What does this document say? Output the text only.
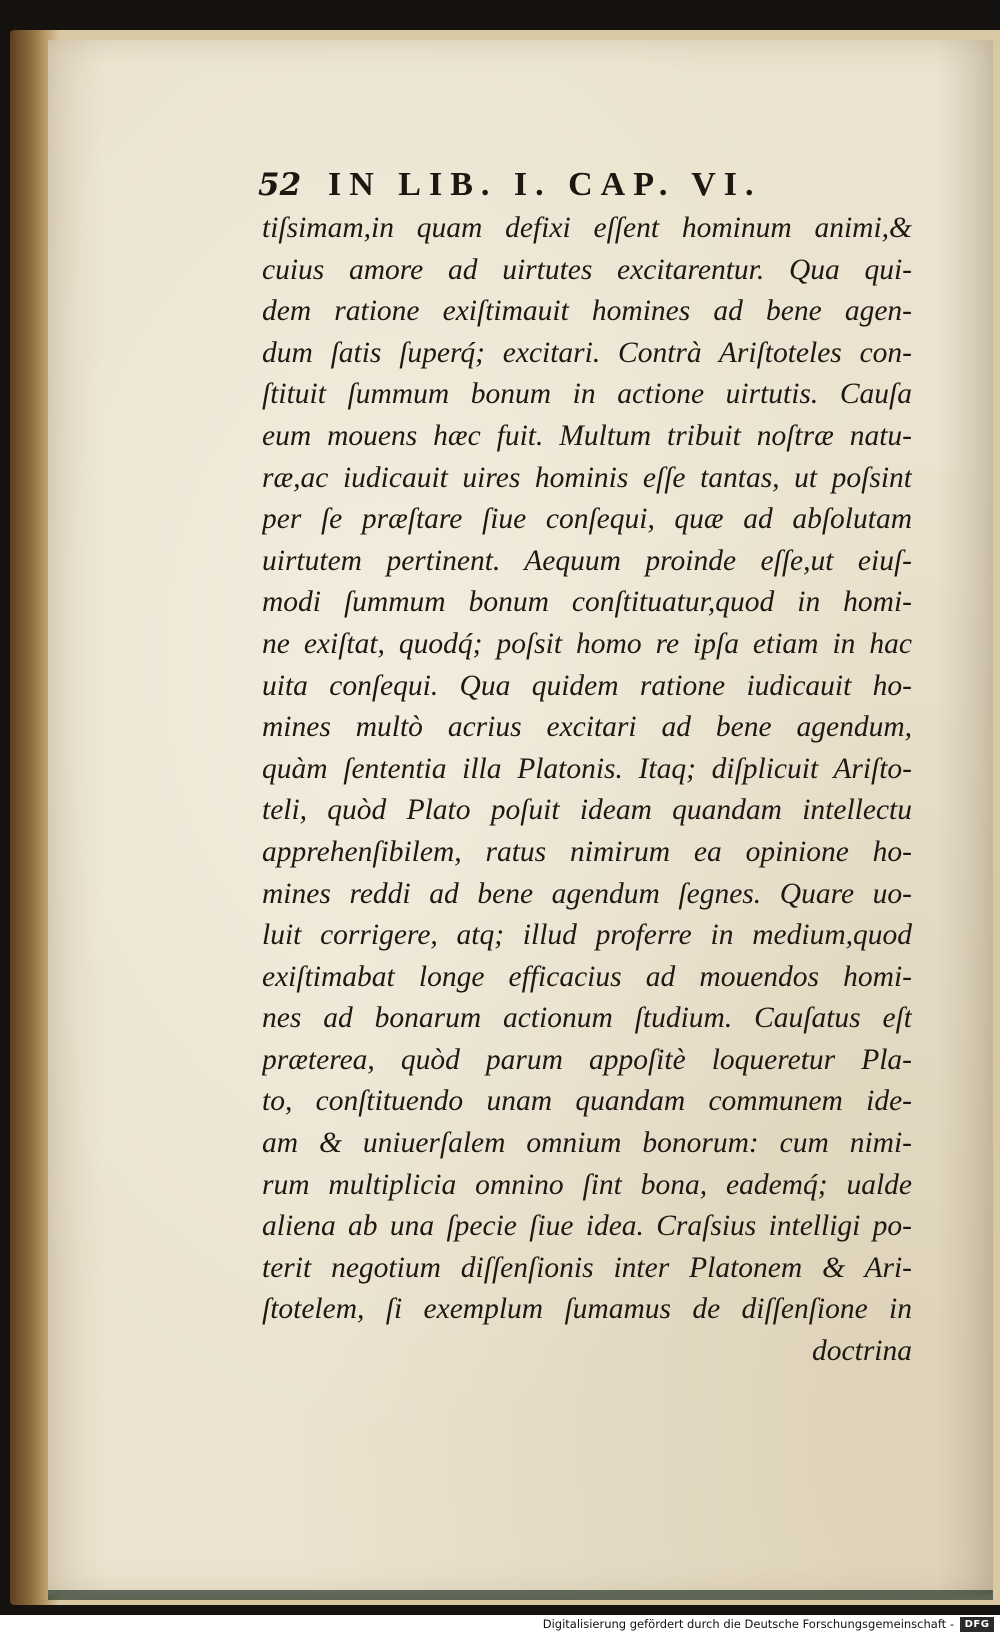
52 IN LIB. I. CAP. VI.
tiſsimam,in quam defixi eſſent hominum animi,&
cuius amore ad uirtutes excitarentur. Qua qui-
dem ratione exiſtimauit homines ad bene agen-
dum ſatis ſuperq́; excitari. Contrà Ariſtoteles con-
ſtituit ſummum bonum in actione uirtutis. Cauſa
eum mouens hæc fuit. Multum tribuit noſtræ natu-
ræ,ac iudicauit uires hominis eſſe tantas, ut poſsint
per ſe præſtare ſiue conſequi, quæ ad abſolutam
uirtutem pertinent. Aequum proinde eſſe,ut eiuſ-
modi ſummum bonum conſtituatur,quod in homi-
ne exiſtat, quodq́; poſsit homo re ipſa etiam in hac
uita conſequi. Qua quidem ratione iudicauit ho-
mines multò acrius excitari ad bene agendum,
quàm ſententia illa Platonis. Itaq; diſplicuit Ariſto-
teli, quòd Plato poſuit ideam quandam intellectu
apprehenſibilem, ratus nimirum ea opinione ho-
mines reddi ad bene agendum ſegnes. Quare uo-
luit corrigere, atq; illud proferre in medium,quod
exiſtimabat longe efficacius ad mouendos homi-
nes ad bonarum actionum ſtudium. Cauſatus eſt
præterea, quòd parum appoſitè loqueretur Pla-
to, conſtituendo unam quandam communem ide-
am & uniuerſalem omnium bonorum: cum nimi-
rum multiplicia omnino ſint bona, eademq́; ualde
aliena ab una ſpecie ſiue idea. Craſsius intelligi po-
terit negotium diſſenſionis inter Platonem & Ari-
ſtotelem, ſi exemplum ſumamus de diſſenſione in
doctrina
Digitalisierung gefördert durch die Deutsche Forschungsgemeinschaft -	DFG
